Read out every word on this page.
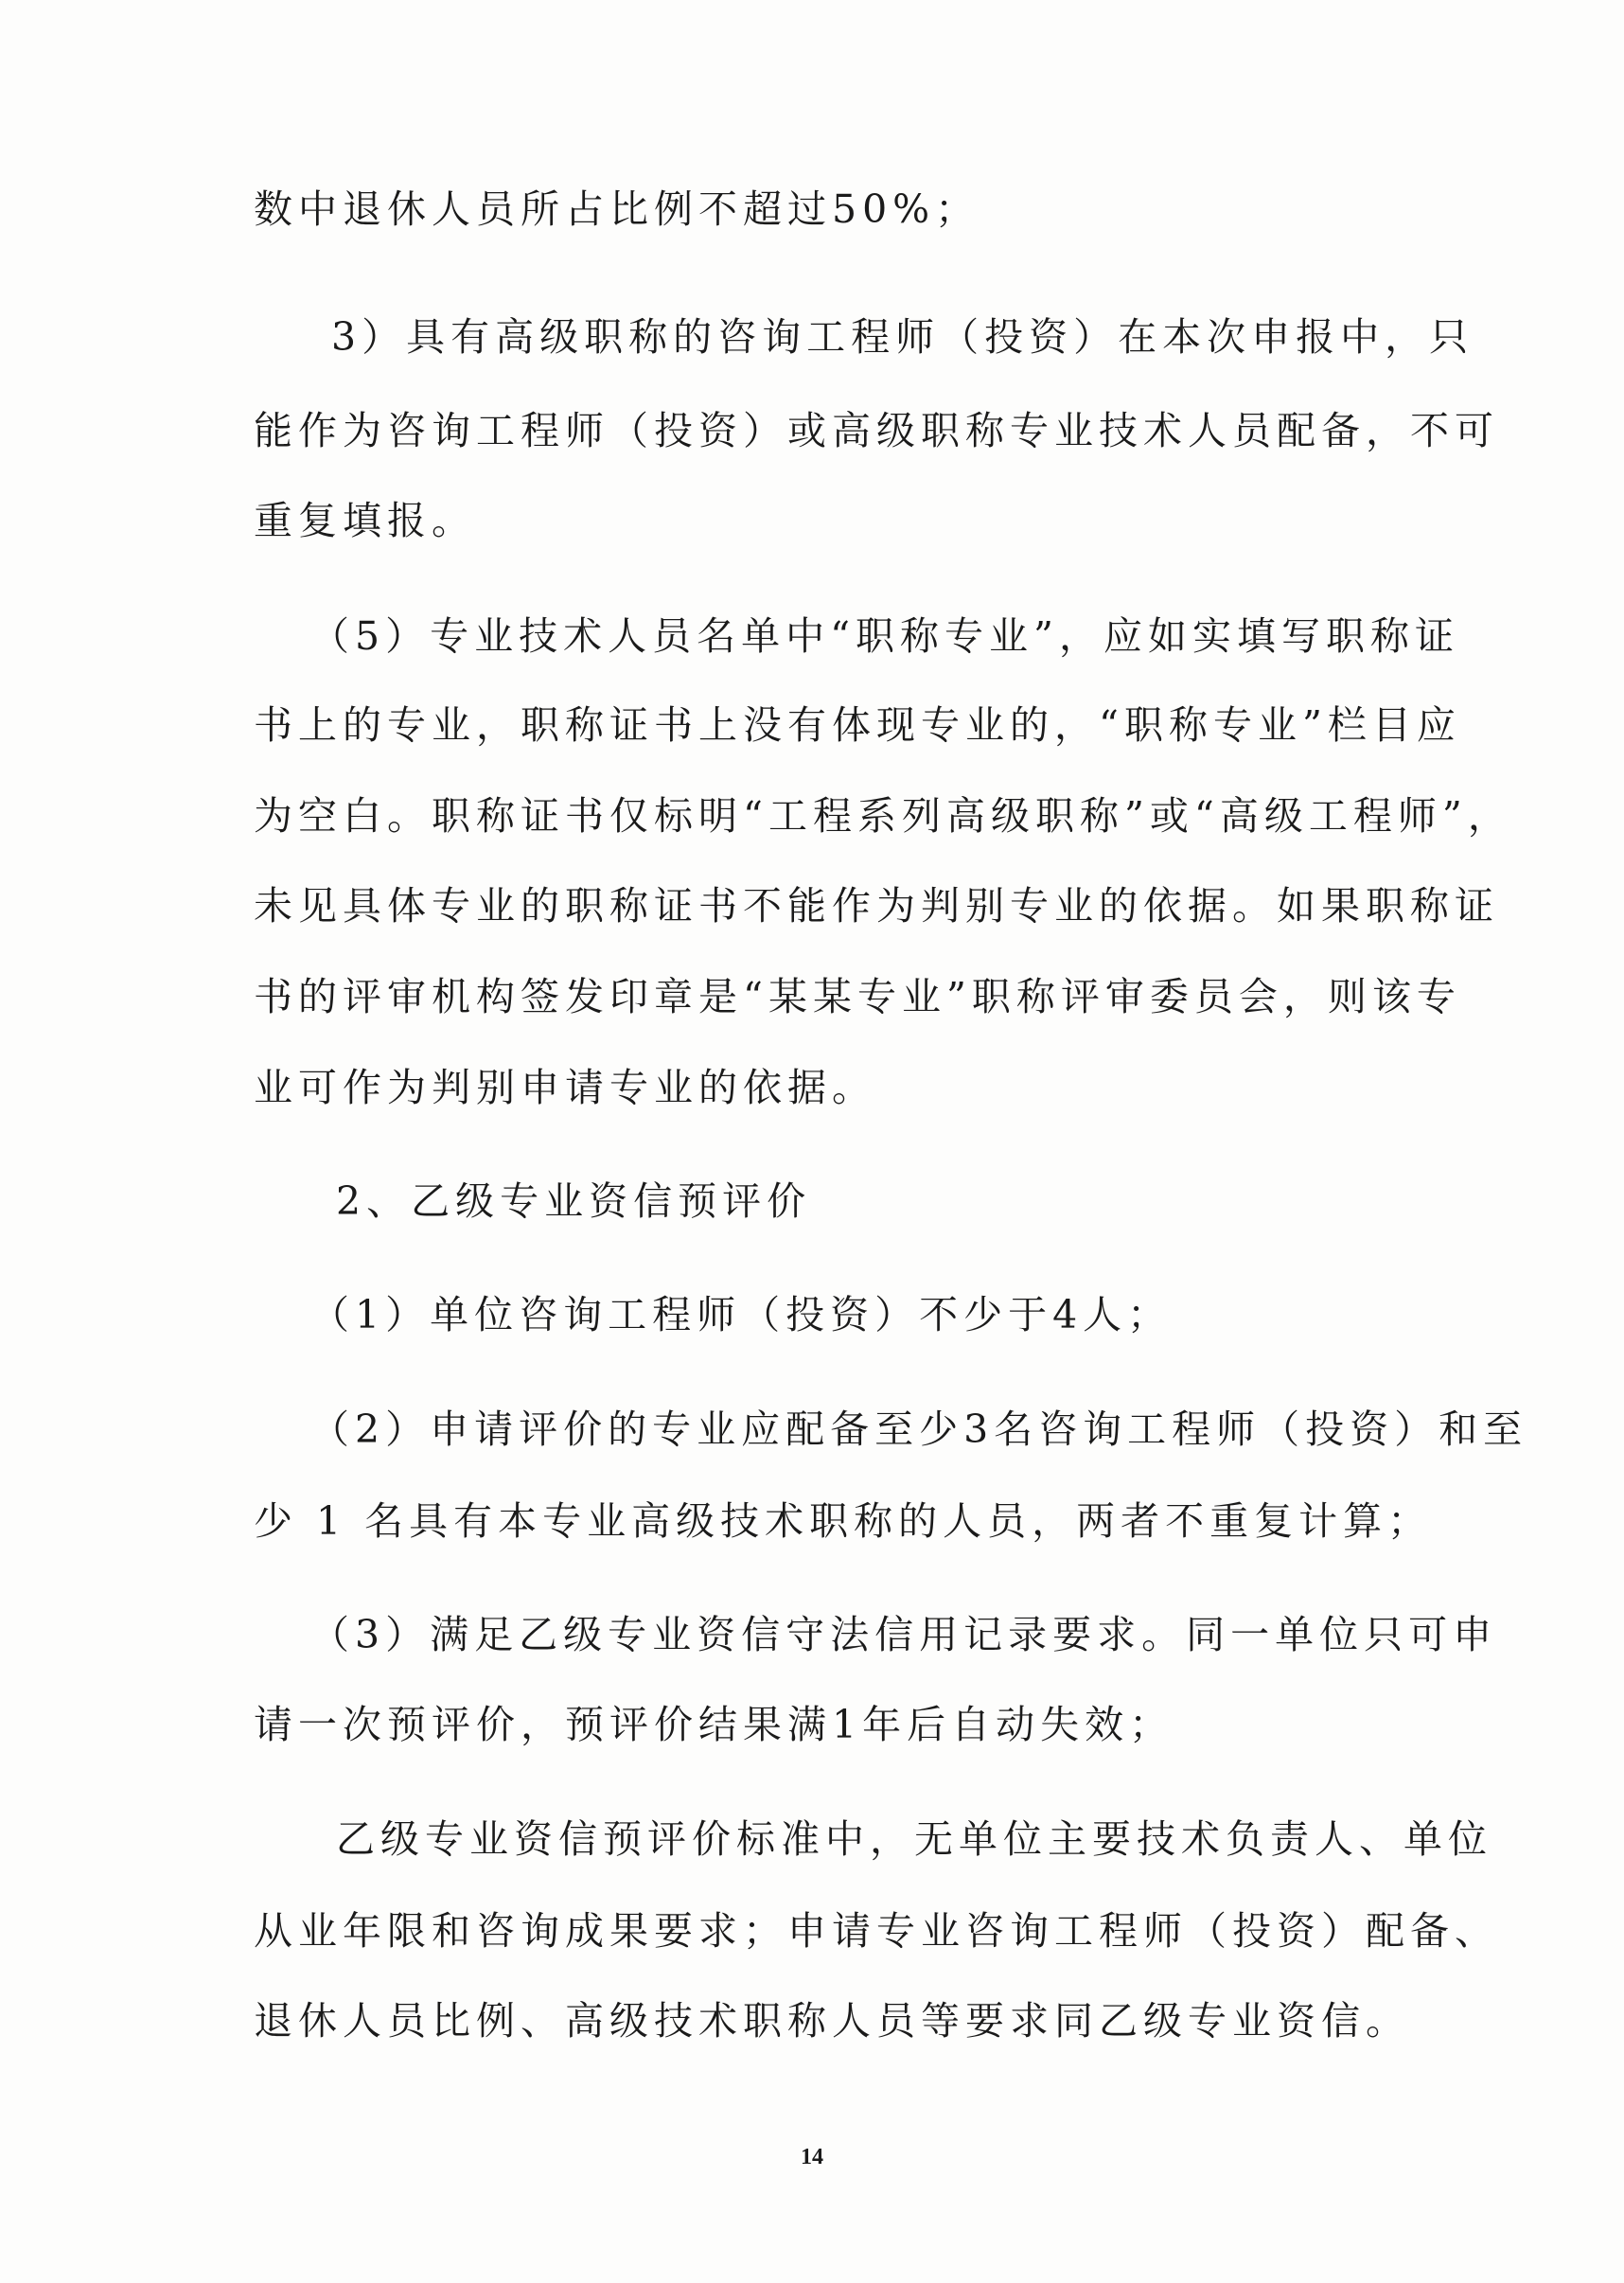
数中退休人员所占比例不超过50%；
3）具有高级职称的咨询工程师（投资）在本次申报中，只
能作为咨询工程师（投资）或高级职称专业技术人员配备，不可
重复填报。
（5）专业技术人员名单中“职称专业”，应如实填写职称证
书上的专业，职称证书上没有体现专业的，“职称专业”栏目应
为空白。职称证书仅标明“工程系列高级职称”或“高级工程师”，
未见具体专业的职称证书不能作为判别专业的依据。如果职称证
书的评审机构签发印章是“某某专业”职称评审委员会，则该专
业可作为判别申请专业的依据。
2、乙级专业资信预评价
（1）单位咨询工程师（投资）不少于4人；
（2）申请评价的专业应配备至少3名咨询工程师（投资）和至
少 1 名具有本专业高级技术职称的人员，两者不重复计算；
（3）满足乙级专业资信守法信用记录要求。同一单位只可申
请一次预评价，预评价结果满1年后自动失效；
乙级专业资信预评价标准中，无单位主要技术负责人、单位
从业年限和咨询成果要求；申请专业咨询工程师（投资）配备、
退休人员比例、高级技术职称人员等要求同乙级专业资信。
14
